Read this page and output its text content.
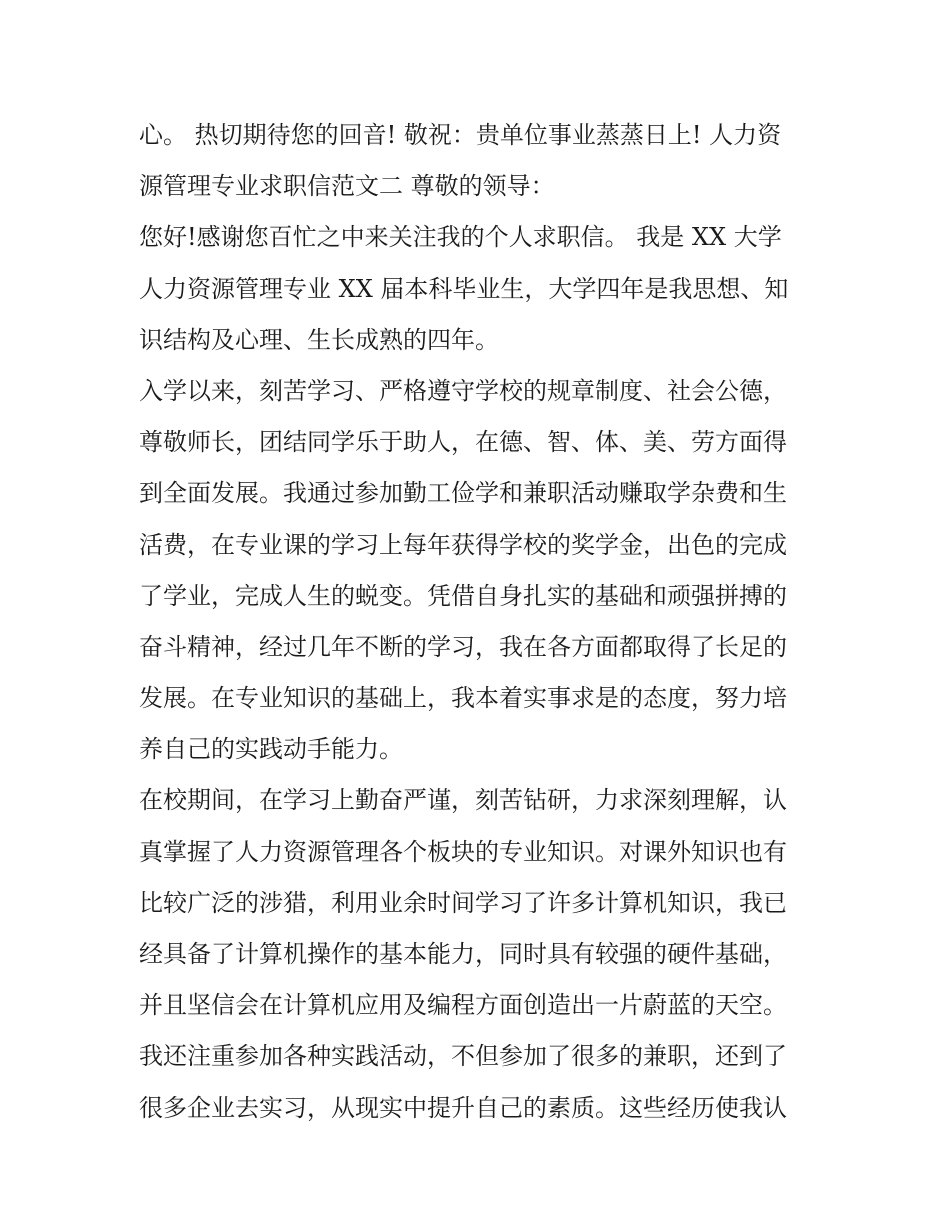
心。 热切期待您的回音! 敬祝：贵单位事业蒸蒸日上! 人力资
源管理专业求职信范文二 尊敬的领导：
您好!感谢您百忙之中来关注我的个人求职信。 我是 XX 大学
人力资源管理专业 XX 届本科毕业生，大学四年是我思想、知
识结构及心理、生长成熟的四年。
入学以来，刻苦学习、严格遵守学校的规章制度、社会公德，
尊敬师长，团结同学乐于助人，在德、智、体、美、劳方面得
到全面发展。我通过参加勤工俭学和兼职活动赚取学杂费和生
活费，在专业课的学习上每年获得学校的奖学金，出色的完成
了学业，完成人生的蜕变。凭借自身扎实的基础和顽强拼搏的
奋斗精神，经过几年不断的学习，我在各方面都取得了长足的
发展。在专业知识的基础上，我本着实事求是的态度，努力培
养自己的实践动手能力。
在校期间，在学习上勤奋严谨，刻苦钻研，力求深刻理解，认
真掌握了人力资源管理各个板块的专业知识。对课外知识也有
比较广泛的涉猎，利用业余时间学习了许多计算机知识，我已
经具备了计算机操作的基本能力，同时具有较强的硬件基础，
并且坚信会在计算机应用及编程方面创造出一片蔚蓝的天空。
我还注重参加各种实践活动，不但参加了很多的兼职，还到了
很多企业去实习，从现实中提升自己的素质。这些经历使我认
